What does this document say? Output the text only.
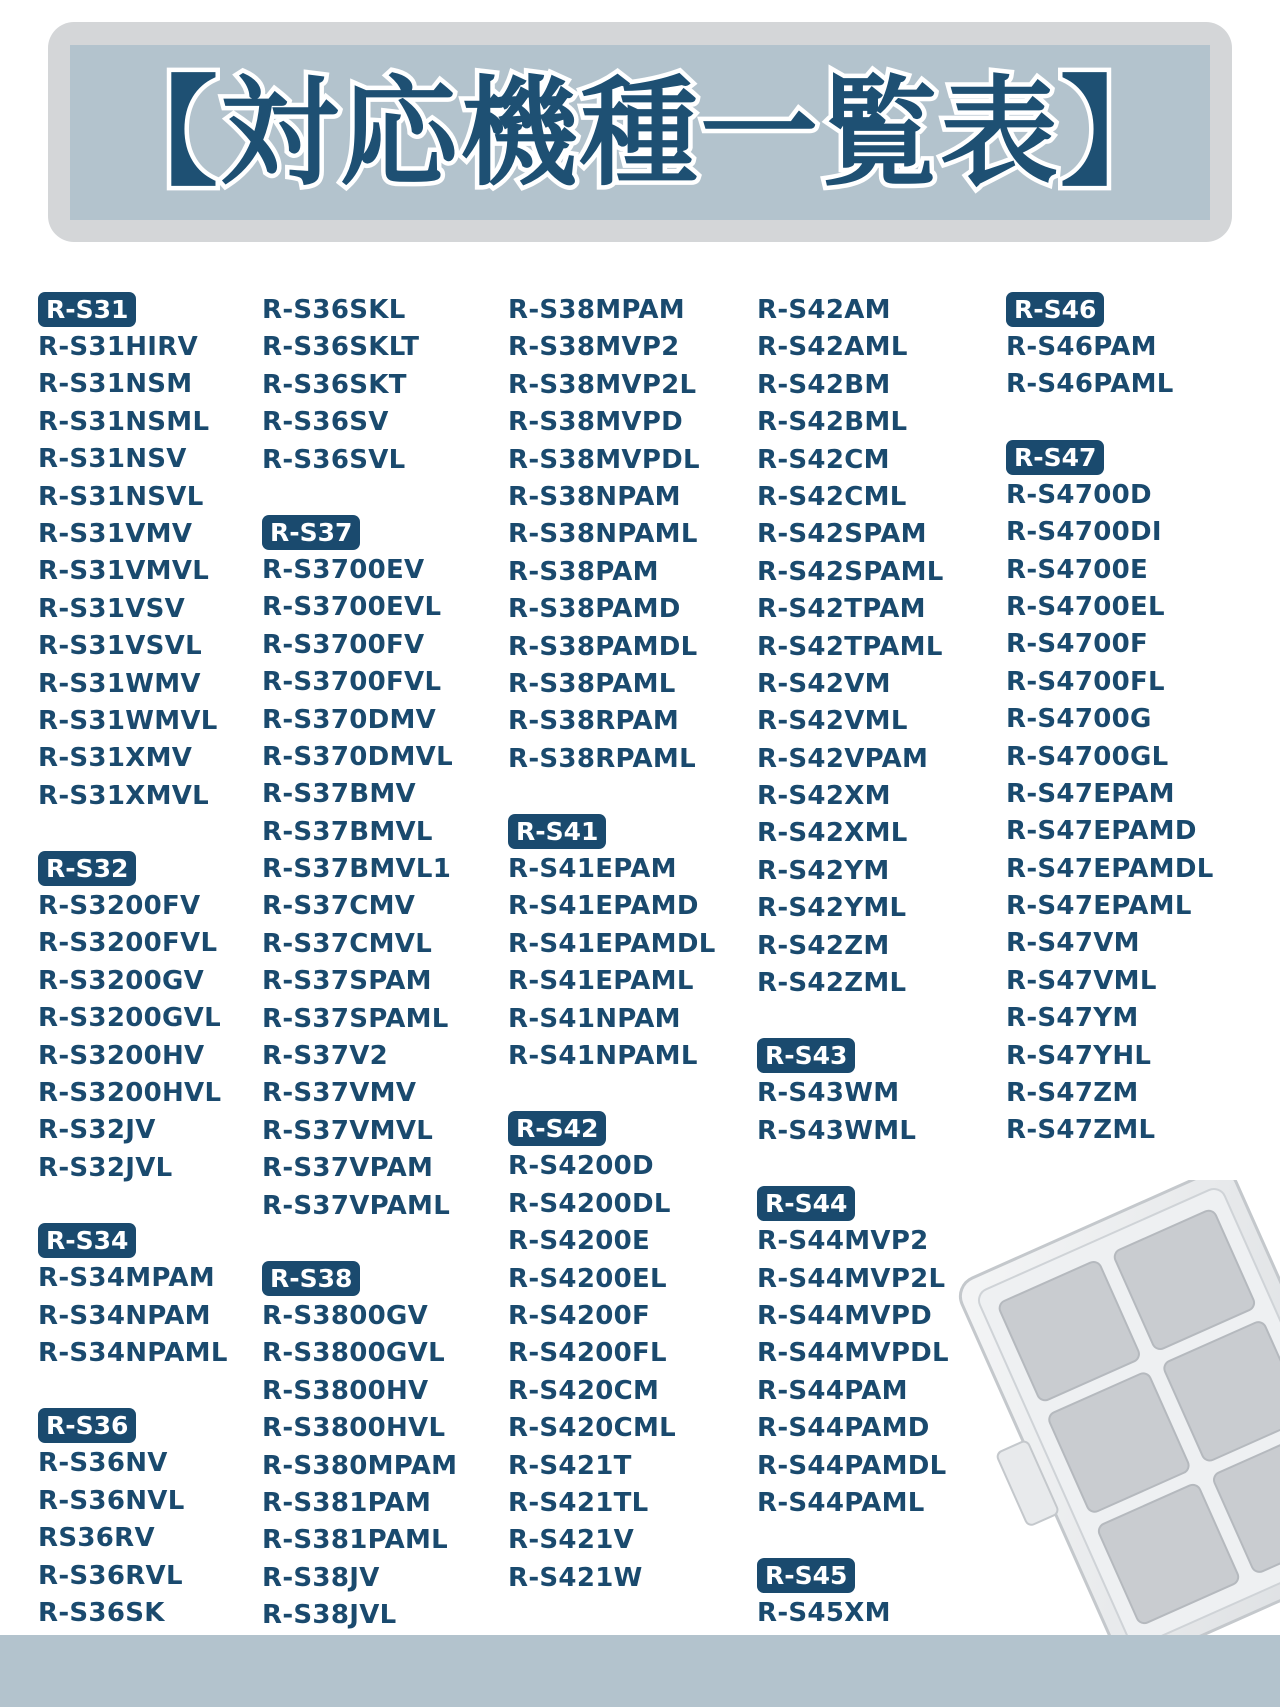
【対応機種一覧表】
R-S31
R-S31HIRV
R-S31NSM
R-S31NSML
R-S31NSV
R-S31NSVL
R-S31VMV
R-S31VMVL
R-S31VSV
R-S31VSVL
R-S31WMV
R-S31WMVL
R-S31XMV
R-S31XMVL
R-S32
R-S3200FV
R-S3200FVL
R-S3200GV
R-S3200GVL
R-S3200HV
R-S3200HVL
R-S32JV
R-S32JVL
R-S34
R-S34MPAM
R-S34NPAM
R-S34NPAML
R-S36
R-S36NV
R-S36NVL
RS36RV
R-S36RVL
R-S36SK
R-S36SKL
R-S36SKLT
R-S36SKT
R-S36SV
R-S36SVL
R-S37
R-S3700EV
R-S3700EVL
R-S3700FV
R-S3700FVL
R-S370DMV
R-S370DMVL
R-S37BMV
R-S37BMVL
R-S37BMVL1
R-S37CMV
R-S37CMVL
R-S37SPAM
R-S37SPAML
R-S37V2
R-S37VMV
R-S37VMVL
R-S37VPAM
R-S37VPAML
R-S38
R-S3800GV
R-S3800GVL
R-S3800HV
R-S3800HVL
R-S380MPAM
R-S381PAM
R-S381PAML
R-S38JV
R-S38JVL
R-S38MPAM
R-S38MVP2
R-S38MVP2L
R-S38MVPD
R-S38MVPDL
R-S38NPAM
R-S38NPAML
R-S38PAM
R-S38PAMD
R-S38PAMDL
R-S38PAML
R-S38RPAM
R-S38RPAML
R-S41
R-S41EPAM
R-S41EPAMD
R-S41EPAMDL
R-S41EPAML
R-S41NPAM
R-S41NPAML
R-S42
R-S4200D
R-S4200DL
R-S4200E
R-S4200EL
R-S4200F
R-S4200FL
R-S420CM
R-S420CML
R-S421T
R-S421TL
R-S421V
R-S421W
R-S42AM
R-S42AML
R-S42BM
R-S42BML
R-S42CM
R-S42CML
R-S42SPAM
R-S42SPAML
R-S42TPAM
R-S42TPAML
R-S42VM
R-S42VML
R-S42VPAM
R-S42XM
R-S42XML
R-S42YM
R-S42YML
R-S42ZM
R-S42ZML
R-S43
R-S43WM
R-S43WML
R-S44
R-S44MVP2
R-S44MVP2L
R-S44MVPD
R-S44MVPDL
R-S44PAM
R-S44PAMD
R-S44PAMDL
R-S44PAML
R-S45
R-S45XM
R-S46
R-S46PAM
R-S46PAML
R-S47
R-S4700D
R-S4700DI
R-S4700E
R-S4700EL
R-S4700F
R-S4700FL
R-S4700G
R-S4700GL
R-S47EPAM
R-S47EPAMD
R-S47EPAMDL
R-S47EPAML
R-S47VM
R-S47VML
R-S47YM
R-S47YHL
R-S47ZM
R-S47ZML
